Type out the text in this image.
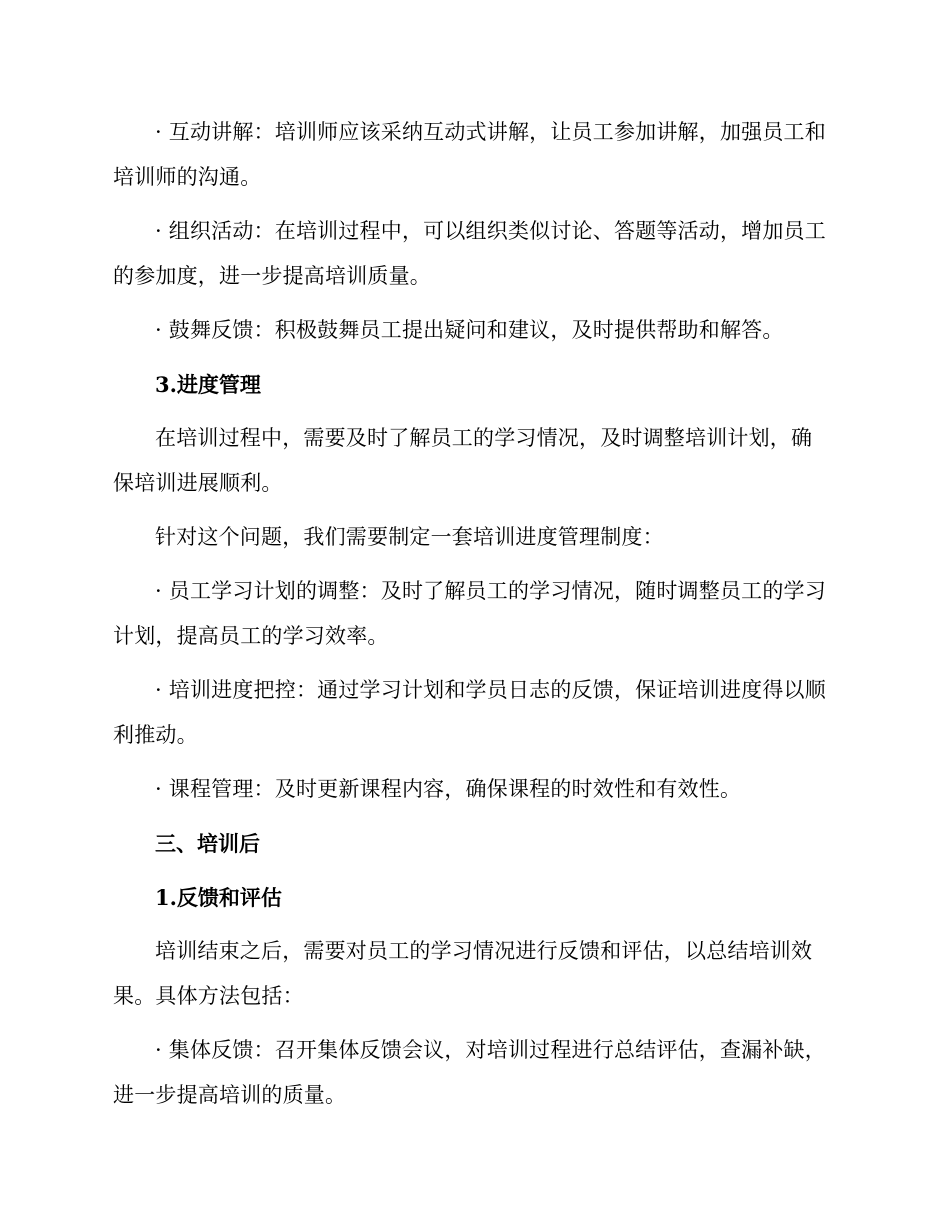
· 互动讲解：培训师应该采纳互动式讲解，让员工参加讲解，加强员工和培训师的沟通。

· 组织活动：在培训过程中，可以组织类似讨论、答题等活动，增加员工的参加度，进一步提高培训质量。

· 鼓舞反馈：积极鼓舞员工提出疑问和建议，及时提供帮助和解答。

3.进度管理

在培训过程中，需要及时了解员工的学习情况，及时调整培训计划，确保培训进展顺利。

针对这个问题，我们需要制定一套培训进度管理制度：

· 员工学习计划的调整：及时了解员工的学习情况，随时调整员工的学习计划，提高员工的学习效率。

· 培训进度把控：通过学习计划和学员日志的反馈，保证培训进度得以顺利推动。

· 课程管理：及时更新课程内容，确保课程的时效性和有效性。

三、培训后

1.反馈和评估

培训结束之后，需要对员工的学习情况进行反馈和评估，以总结培训效果。具体方法包括：

· 集体反馈：召开集体反馈会议，对培训过程进行总结评估，查漏补缺，进一步提高培训的质量。
